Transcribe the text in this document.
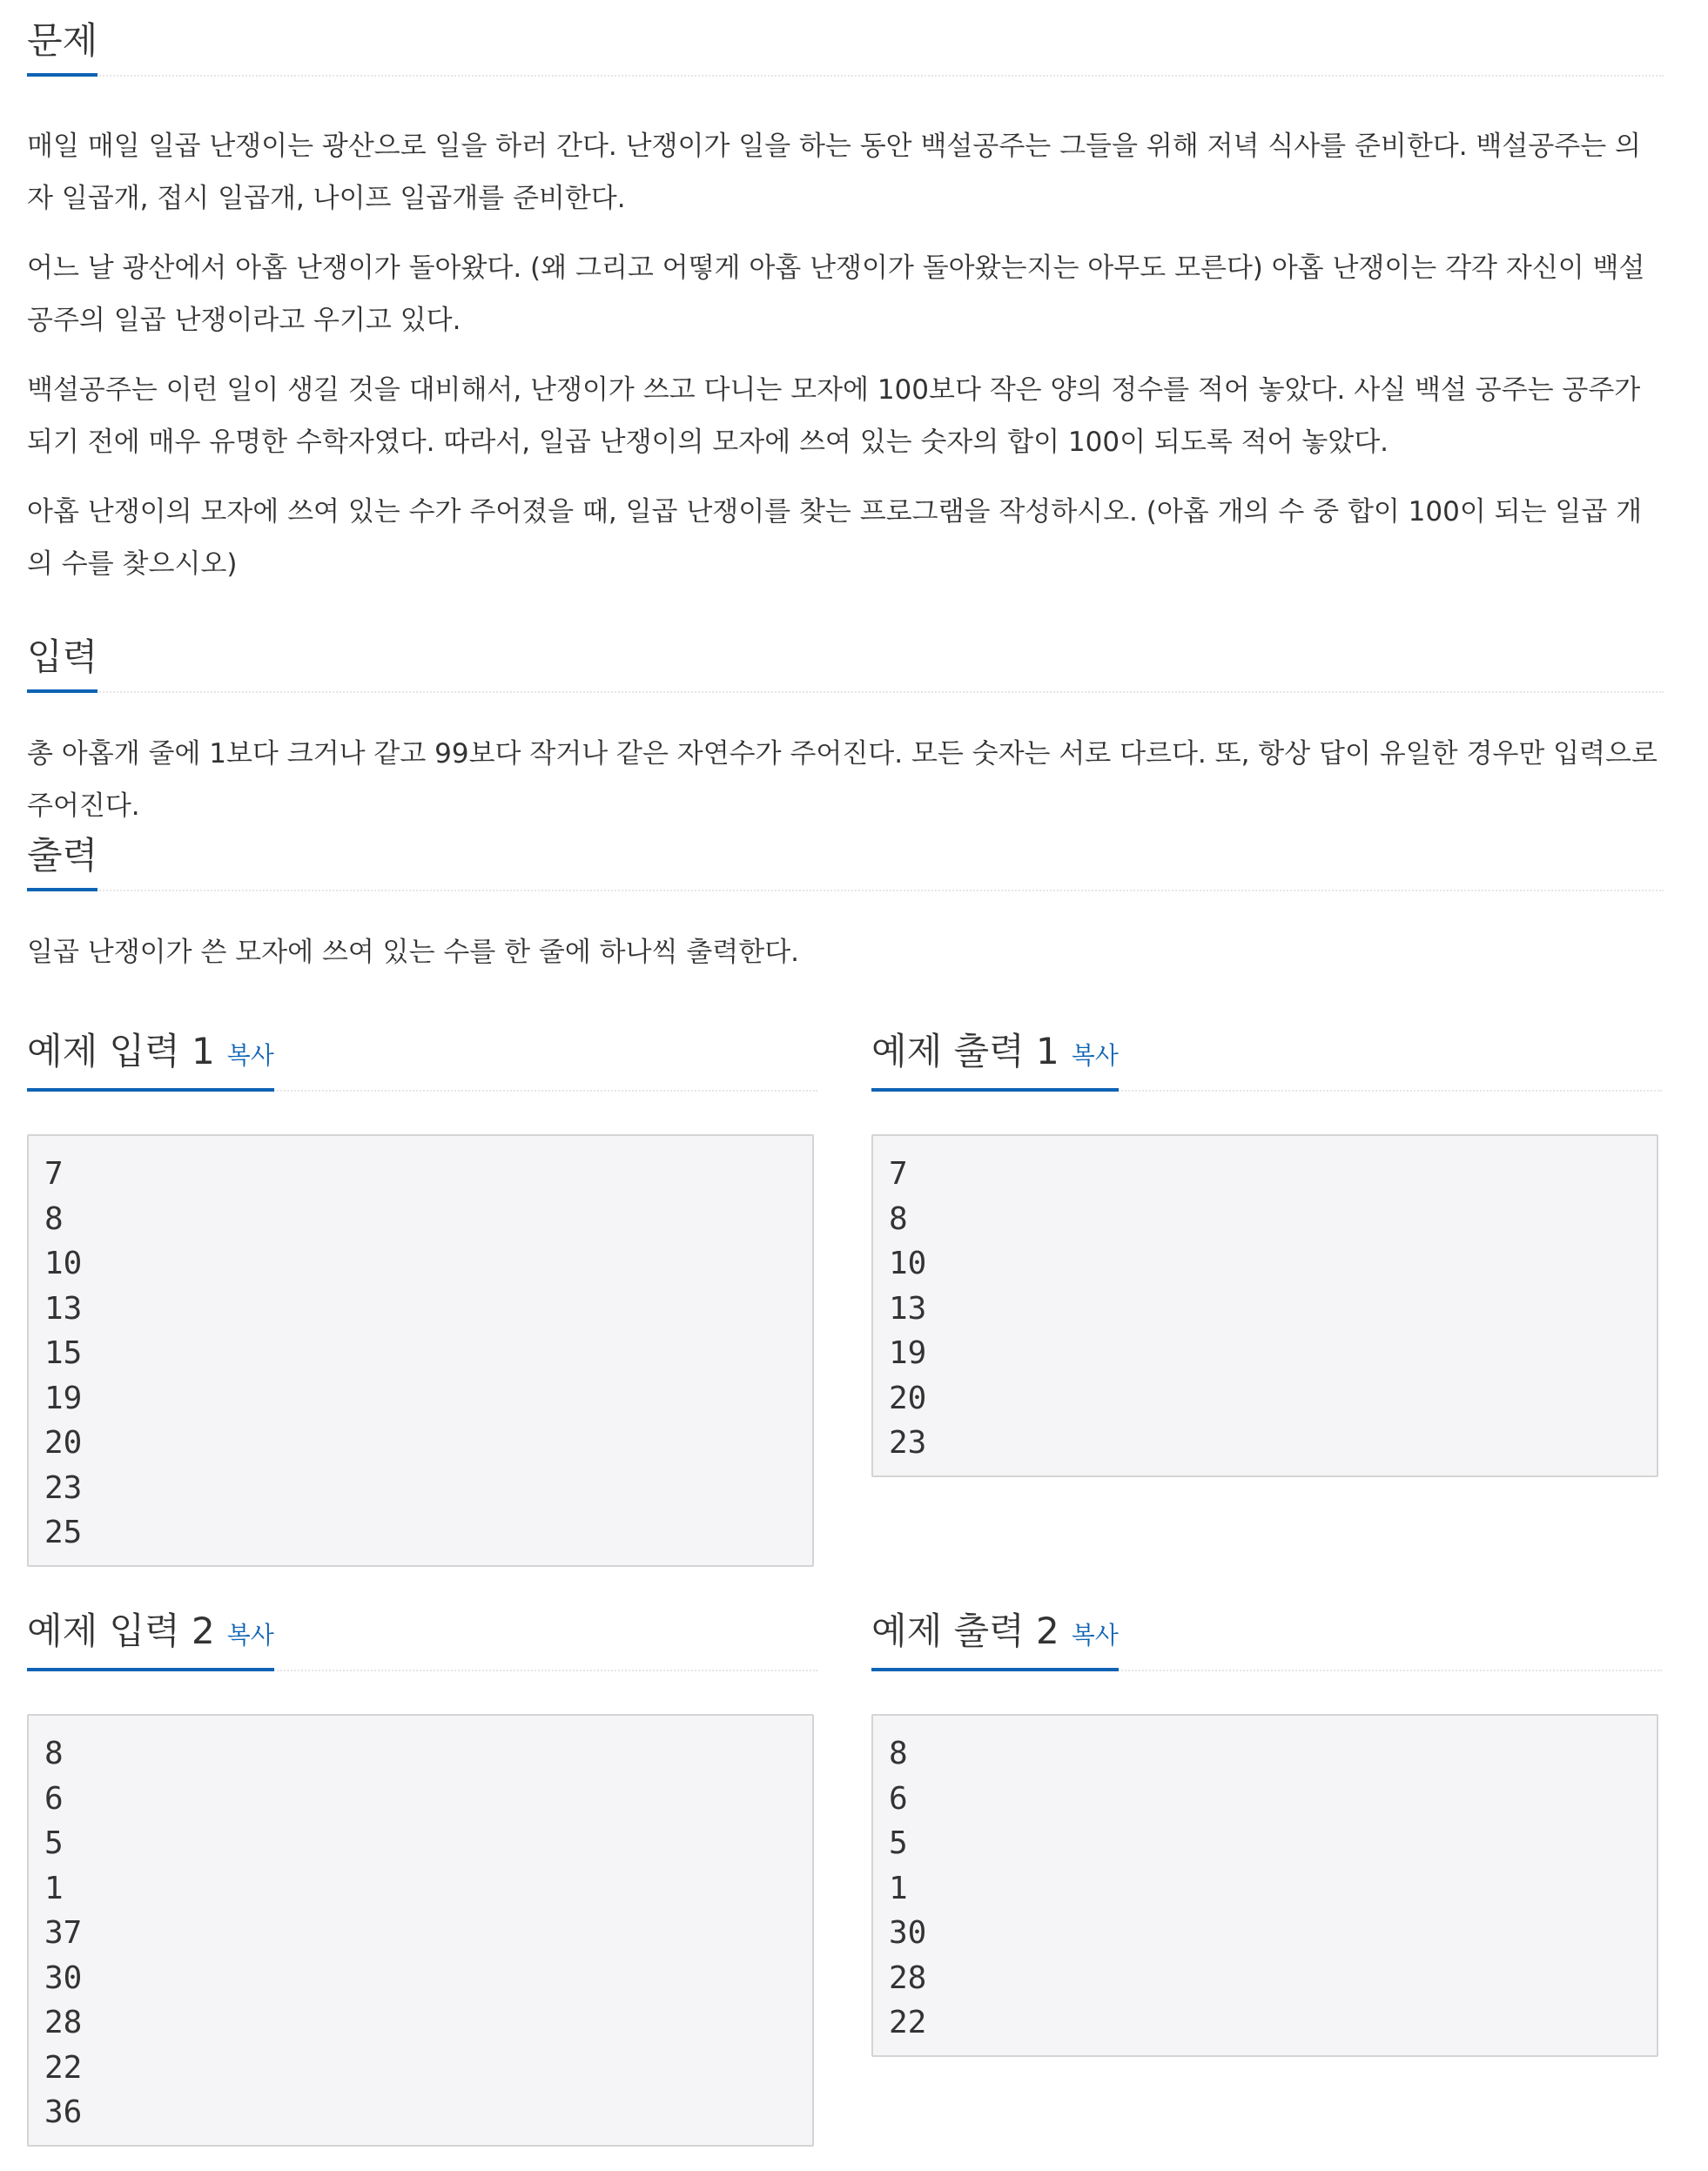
문제

매일 매일 일곱 난쟁이는 광산으로 일을 하러 간다. 난쟁이가 일을 하는 동안 백설공주는 그들을 위해 저녁 식사를 준비한다. 백설공주는 의자 일곱개, 접시 일곱개, 나이프 일곱개를 준비한다.

어느 날 광산에서 아홉 난쟁이가 돌아왔다. (왜 그리고 어떻게 아홉 난쟁이가 돌아왔는지는 아무도 모른다) 아홉 난쟁이는 각각 자신이 백설공주의 일곱 난쟁이라고 우기고 있다.

백설공주는 이런 일이 생길 것을 대비해서, 난쟁이가 쓰고 다니는 모자에 100보다 작은 양의 정수를 적어 놓았다. 사실 백설 공주는 공주가 되기 전에 매우 유명한 수학자였다. 따라서, 일곱 난쟁이의 모자에 쓰여 있는 숫자의 합이 100이 되도록 적어 놓았다.

아홉 난쟁이의 모자에 쓰여 있는 수가 주어졌을 때, 일곱 난쟁이를 찾는 프로그램을 작성하시오. (아홉 개의 수 중 합이 100이 되는 일곱 개의 수를 찾으시오)

입력

총 아홉개 줄에 1보다 크거나 같고 99보다 작거나 같은 자연수가 주어진다. 모든 숫자는 서로 다르다. 또, 항상 답이 유일한 경우만 입력으로 주어진다.

출력

일곱 난쟁이가 쓴 모자에 쓰여 있는 수를 한 줄에 하나씩 출력한다.

예제 입력 1 복사
7
8
10
13
15
19
20
23
25
예제 출력 1 복사
7
8
10
13
19
20
23
예제 입력 2 복사
8
6
5
1
37
30
28
22
36
예제 출력 2 복사
8
6
5
1
30
28
22
